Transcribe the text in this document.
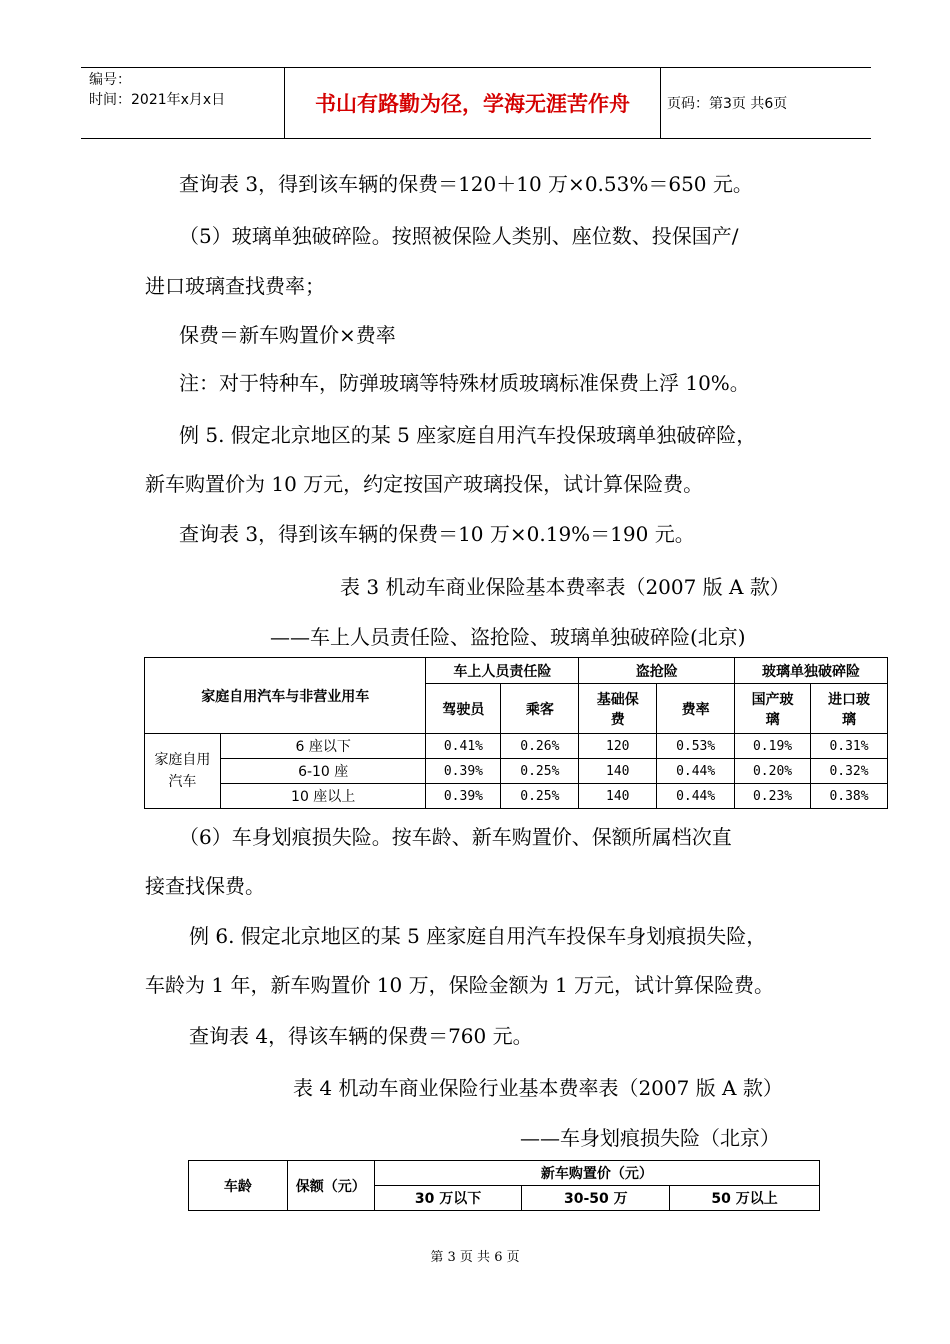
编号：
时间：2021年x月x日	书山有路勤为径，学海无涯苦作舟	页码：第3页 共6页
查询表 3，得到该车辆的保费＝120＋10 万×0.53%＝650 元。
（5）玻璃单独破碎险。按照被保险人类别、座位数、投保国产/
进口玻璃查找费率；
保费＝新车购置价×费率
注：对于特种车，防弹玻璃等特殊材质玻璃标准保费上浮 10%。
例 5. 假定北京地区的某 5 座家庭自用汽车投保玻璃单独破碎险，
新车购置价为 10 万元，约定按国产玻璃投保，试计算保险费。
查询表 3，得到该车辆的保费＝10 万×0.19%＝190 元。
表 3 机动车商业保险基本费率表（2007 版 A 款）
——车上人员责任险、盗抢险、玻璃单独破碎险(北京)
家庭自用汽车与非营业用车		车上人员责任险		盗抢险		玻璃单独破碎险	
		驾驶员	乘客	基础保费	费率	国产玻璃	进口玻璃
家庭自用汽车	6 座以下	0.41%	0.26%	120	0.53%	0.19%	0.31%
	6-10 座	0.39%	0.25%	140	0.44%	0.20%	0.32%
	10 座以上	0.39%	0.25%	140	0.44%	0.23%	0.38%
（6）车身划痕损失险。按车龄、新车购置价、保额所属档次直
接查找保费。
例 6. 假定北京地区的某 5 座家庭自用汽车投保车身划痕损失险，
车龄为 1 年，新车购置价 10 万，保险金额为 1 万元，试计算保险费。
查询表 4，得该车辆的保费＝760 元。
表 4 机动车商业保险行业基本费率表（2007 版 A 款）
——车身划痕损失险（北京）
车龄	保额（元）	新车购置价（元）		
		30 万以下	30-50 万	50 万以上
第 3 页 共 6 页
